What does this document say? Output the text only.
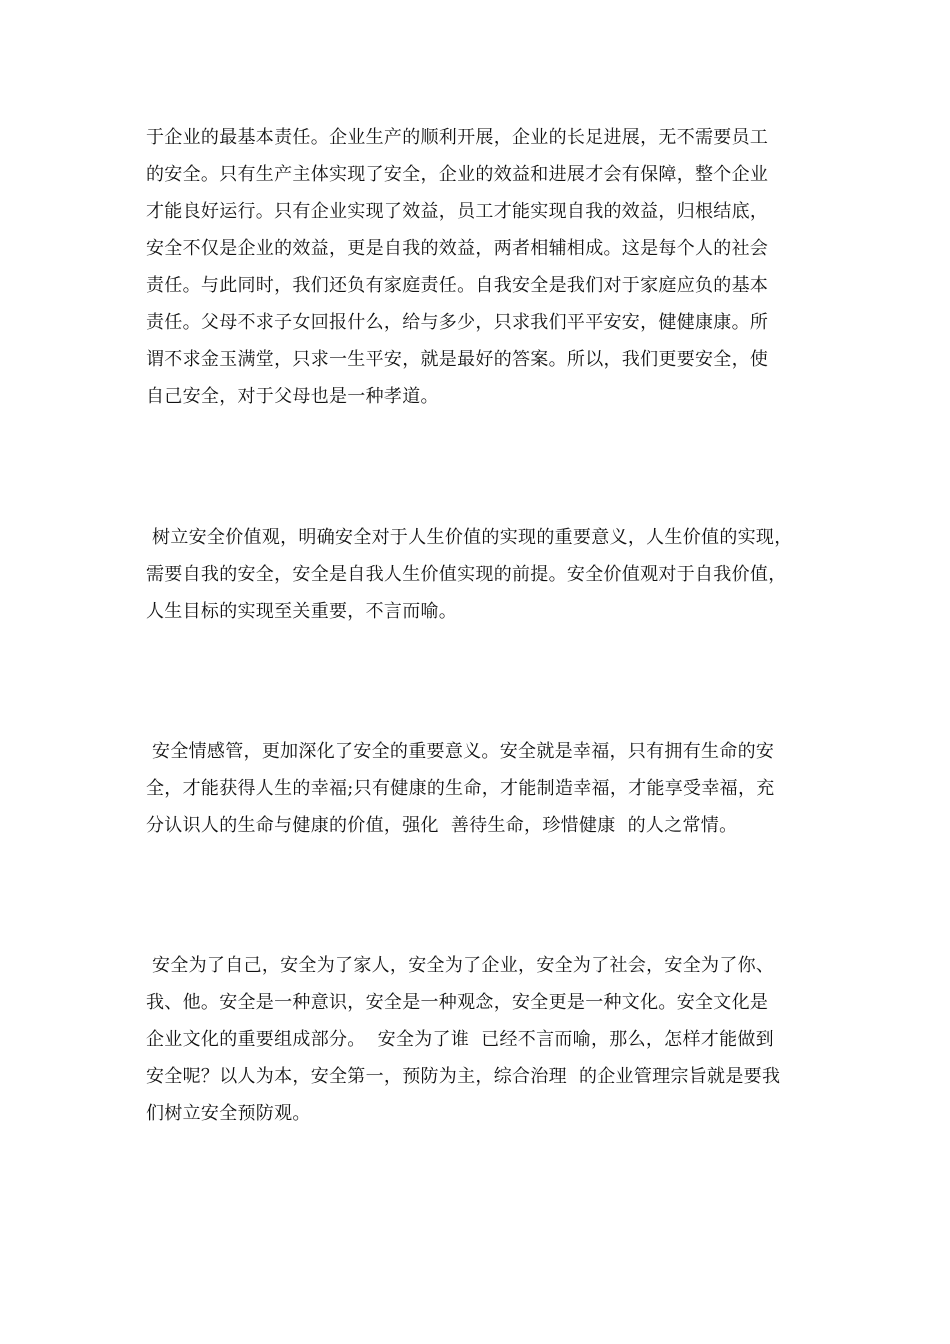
于企业的最基本责任。企业生产的顺利开展，企业的长足进展，无不需要员工
的安全。只有生产主体实现了安全，企业的效益和进展才会有保障，整个企业
才能良好运行。只有企业实现了效益，员工才能实现自我的效益，归根结底，
安全不仅是企业的效益，更是自我的效益，两者相辅相成。这是每个人的社会
责任。与此同时，我们还负有家庭责任。自我安全是我们对于家庭应负的基本
责任。父母不求子女回报什么，给与多少，只求我们平平安安，健健康康。所
谓不求金玉满堂，只求一生平安，就是最好的答案。所以，我们更要安全，使
自己安全，对于父母也是一种孝道。
树立安全价值观，明确安全对于人生价值的实现的重要意义，人生价值的实现，
需要自我的安全，安全是自我人生价值实现的前提。安全价值观对于自我价值，
人生目标的实现至关重要，不言而喻。
安全情感管，更加深化了安全的重要意义。安全就是幸福，只有拥有生命的安
全，才能获得人生的幸福;只有健康的生命，才能制造幸福，才能享受幸福，充
分认识人的生命与健康的价值，强化  善待生命，珍惜健康  的人之常情。
安全为了自己，安全为了家人，安全为了企业，安全为了社会，安全为了你、
我、他。安全是一种意识，安全是一种观念，安全更是一种文化。安全文化是
企业文化的重要组成部分。  安全为了谁  已经不言而喻，那么，怎样才能做到
安全呢？以人为本，安全第一，预防为主，综合治理  的企业管理宗旨就是要我
们树立安全预防观。
